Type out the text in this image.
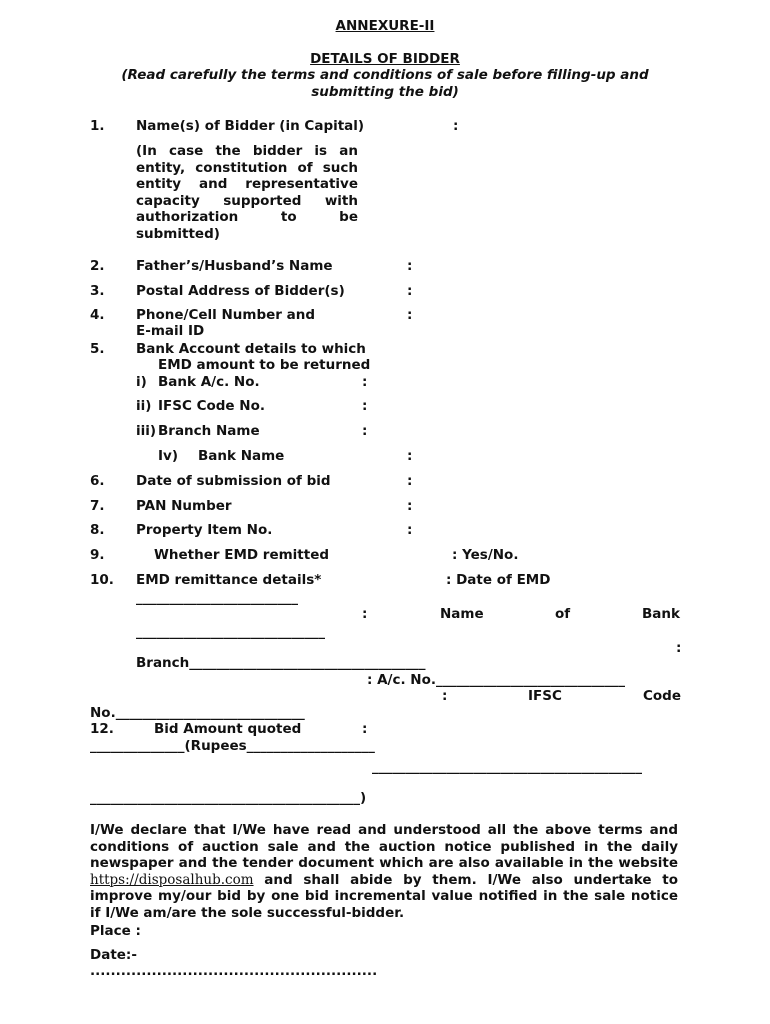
ANNEXURE-II
DETAILS OF BIDDER
(Read carefully the terms and conditions of sale before filling-up and
submitting the bid)
1. Name(s) of Bidder (in Capital)	:
(In case the bidder is an entity, constitution of such entity and representative capacity supported with authorization to be submitted)
2. Father’s/Husband’s Name	:
3. Postal Address of Bidder(s)	:
4. Phone/Cell Number and
E-mail ID
:
5. Bank Account details to which
EMD amount to be returned
i) Bank A/c. No.	:
ii) IFSC Code No.	:
iii) Branch Name	:
Iv) Bank Name	:
6. Date of submission of bid	:
7. PAN Number	:
8. Property Item No.	:
9.	Whether EMD remitted	: Yes/No.
10. EMD remittance details*	: Date of EMD
________________________
:	Name	of	Bank
____________________________
:
Branch___________________________________
: A/c. No.____________________________
:	IFSC	Code
No.____________________________
12.	Bid Amount quoted	:
______________(Rupees___________________
________________________________________
________________________________________)
I/We declare that I/We have read and understood all the above terms and conditions of auction sale and the auction notice published in the daily newspaper and the tender document which are also available in the website https://disposalhub.com and shall abide by them. I/We also undertake to improve my/our bid by one bid incremental value notified in the sale notice if I/We am/are the sole successful-bidder.
Place :
Date:-
........................................................
